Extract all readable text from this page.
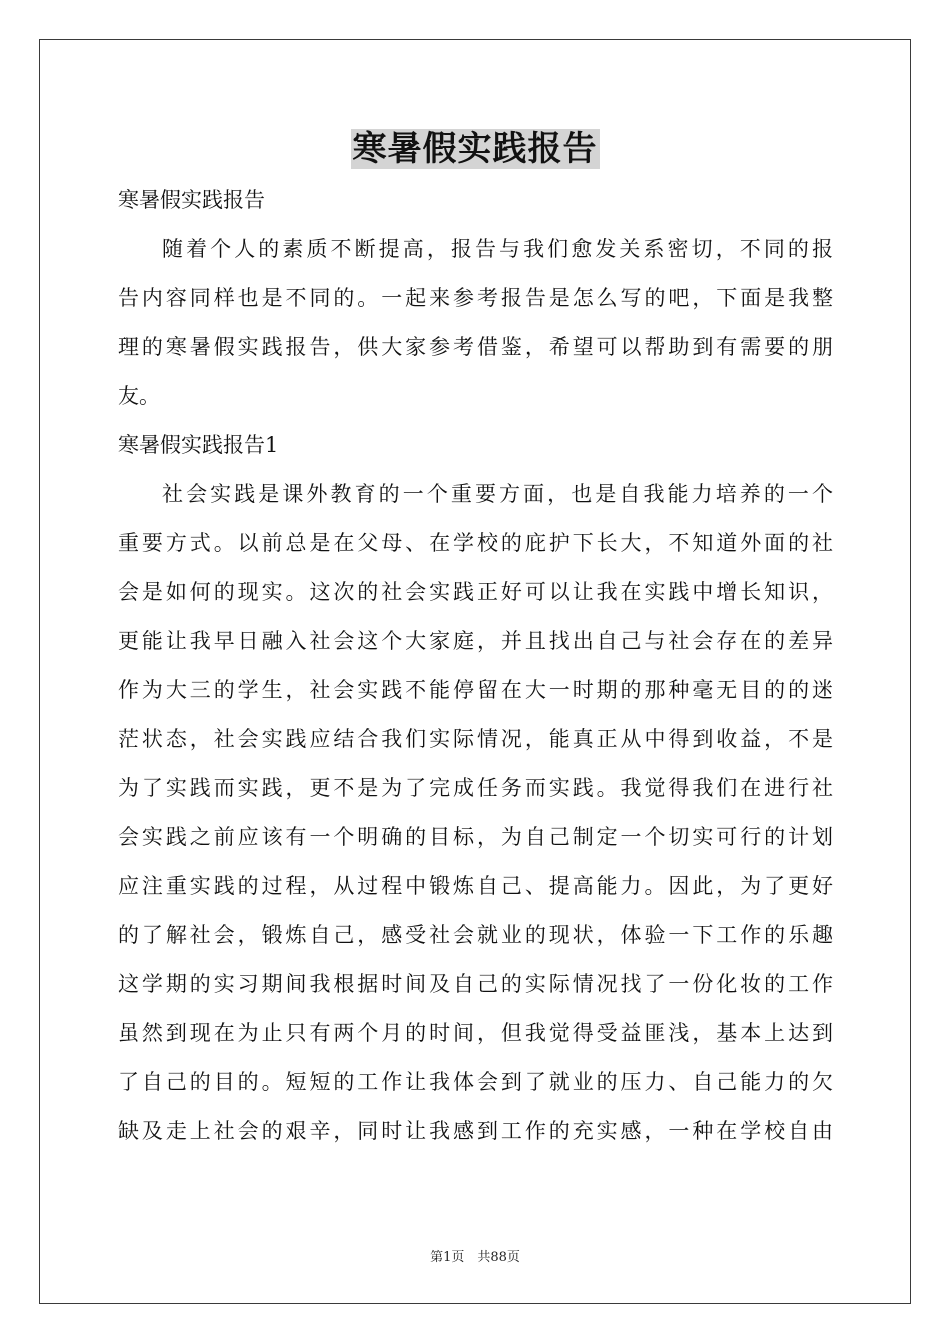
寒暑假实践报告
寒暑假实践报告
随着个人的素质不断提高，报告与我们愈发关系密切，不同的报
告内容同样也是不同的。一起来参考报告是怎么写的吧，下面是我整
理的寒暑假实践报告，供大家参考借鉴，希望可以帮助到有需要的朋
友。
寒暑假实践报告1
社会实践是课外教育的一个重要方面，也是自我能力培养的一个
重要方式。以前总是在父母、在学校的庇护下长大，不知道外面的社
会是如何的现实。这次的社会实践正好可以让我在实践中增长知识，
更能让我早日融入社会这个大家庭，并且找出自己与社会存在的差异
作为大三的学生，社会实践不能停留在大一时期的那种毫无目的的迷
茫状态，社会实践应结合我们实际情况，能真正从中得到收益，不是
为了实践而实践，更不是为了完成任务而实践。我觉得我们在进行社
会实践之前应该有一个明确的目标，为自己制定一个切实可行的计划
应注重实践的过程，从过程中锻炼自己、提高能力。因此，为了更好
的了解社会，锻炼自己，感受社会就业的现状，体验一下工作的乐趣
这学期的实习期间我根据时间及自己的实际情况找了一份化妆的工作
虽然到现在为止只有两个月的时间，但我觉得受益匪浅，基本上达到
了自己的目的。短短的工作让我体会到了就业的压力、自己能力的欠
缺及走上社会的艰辛，同时让我感到工作的充实感，一种在学校自由
第1页　共88页
